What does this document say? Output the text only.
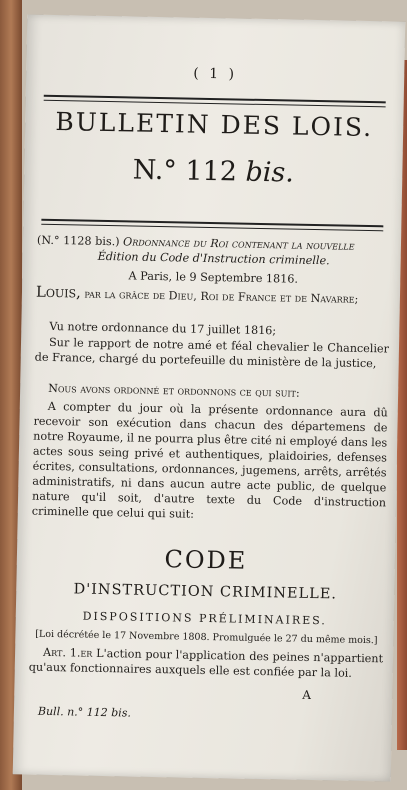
( 1 )
BULLETIN DES LOIS.
N.° 112 bis.
(N.° 1128 bis.) Ordonnance du Roi contenant la nouvelle
Édition du Code d'Instruction criminelle.
A Paris, le 9 Septembre 1816.
Louis, par la grâce de Dieu, Roi de France et de Navarre;
Vu notre ordonnance du 17 juillet 1816;
Sur le rapport de notre amé et féal chevalier le Chancelier de France, chargé du portefeuille du ministère de la justice,
Nous avons ordonné et ordonnons ce qui suit:
A compter du jour où la présente ordonnance aura dû recevoir son exécution dans chacun des départemens de notre Royaume, il ne pourra plus être cité ni employé dans les actes sous seing privé et authentiques, plaidoiries, defenses écrites, consultations, ordonnances, jugemens, arrêts, arrêtés administratifs, ni dans aucun autre acte public, de quelque nature qu'il soit, d'autre texte du Code d'instruction criminelle que celui qui suit:
CODE
D'INSTRUCTION CRIMINELLE.
DISPOSITIONS PRÉLIMINAIRES.
[Loi décrétée le 17 Novembre 1808. Promulguée le 27 du même mois.]
Art. 1.er L'action pour l'application des peines n'appartient qu'aux fonctionnaires auxquels elle est confiée par la loi.
A
Bull. n.° 112 bis.
